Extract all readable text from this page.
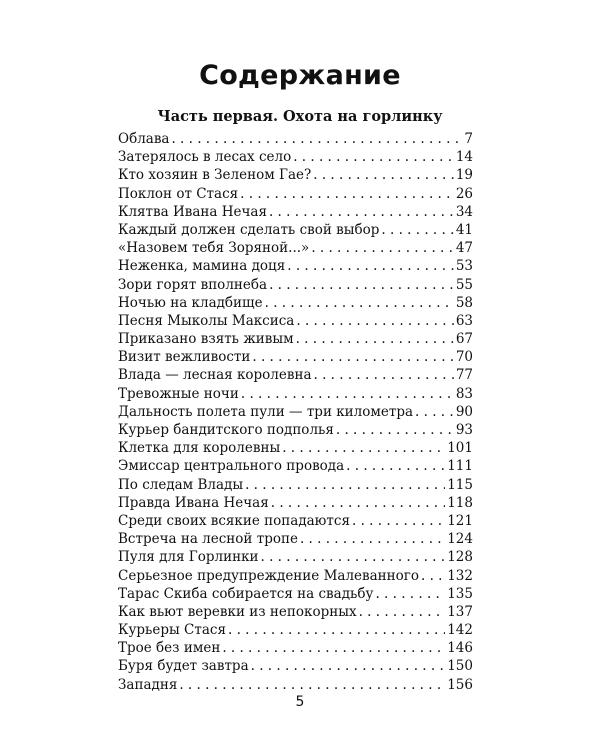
Содержание
Часть первая. Охота на горлинку
Облава . . .	7
Затерялось в лесах село . . .	14
Кто хозяин в Зеленом Гае? . . .	19
Поклон от Стася . . .	26
Клятва Ивана Нечая . . .	34
Каждый должен сделать свой выбор . . .	41
«Назовем тебя Зоряной...» . . .	47
Неженка, мамина доця . . .	53
Зори горят вполнеба . . .	55
Ночью на кладбище . . .	58
Песня Мыколы Максиса . . .	63
Приказано взять живым . . .	67
Визит вежливости . . .	70
Влада — лесная королевна . . .	77
Тревожные ночи . . .	83
Дальность полета пули — три километра . . .	90
Курьер бандитского подполья . . .	93
Клетка для королевны . . .	101
Эмиссар центрального провода . . .	111
По следам Влады . . .	115
Правда Ивана Нечая . . .	118
Среди своих всякие попадаются . . .	121
Встреча на лесной тропе . . .	124
Пуля для Горлинки . . .	128
Серьезное предупреждение Малеванного . . . 132
Тарас Скиба собирается на свадьбу . . .	135
Как вьют веревки из непокорных . . .	137
Курьеры Стася . . .	142
Трое без имен . . .	146
Буря будет завтра . . .	150
Западня . . .	156
5
